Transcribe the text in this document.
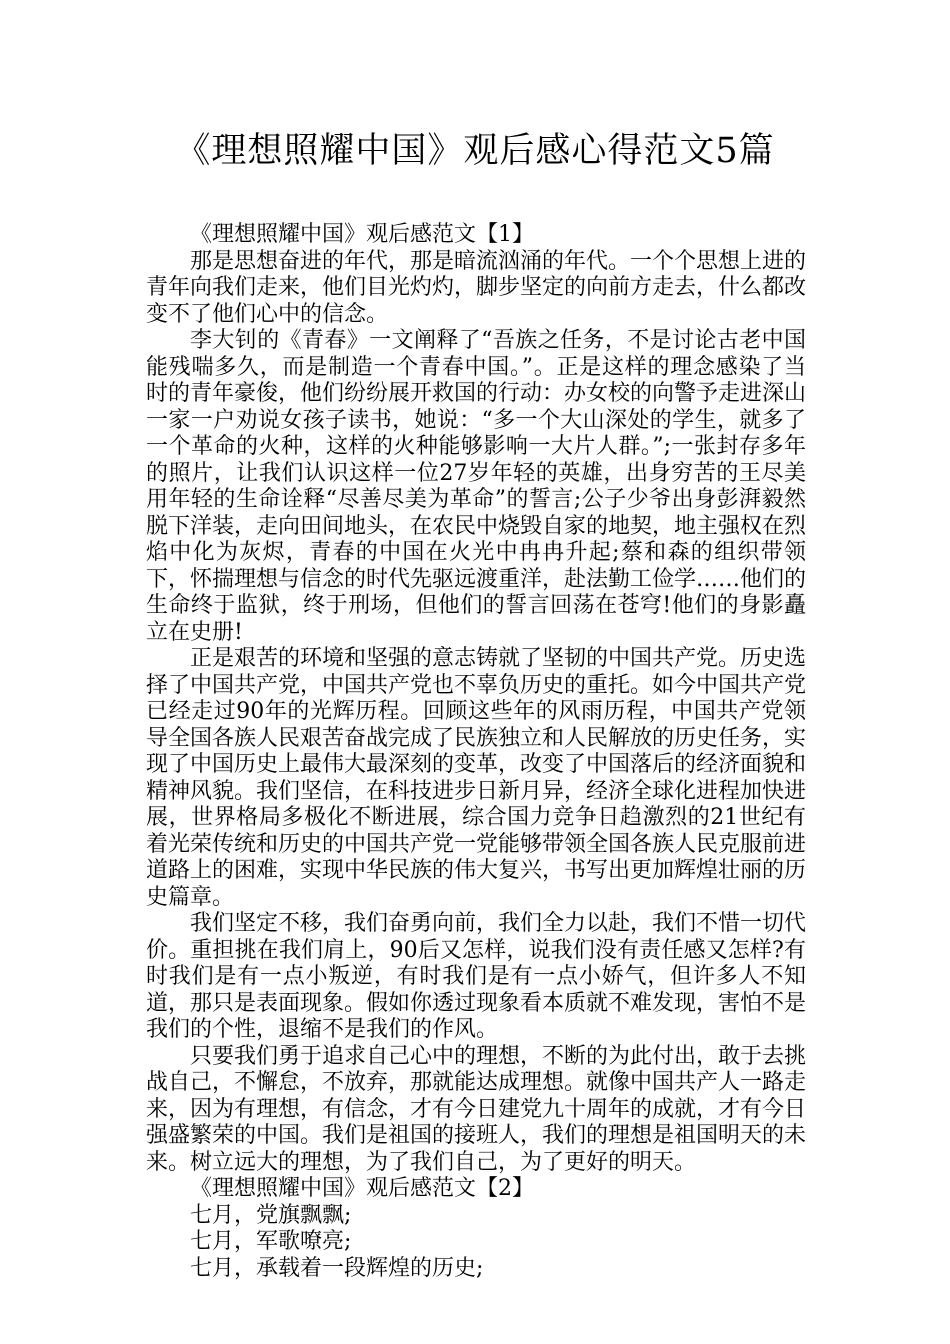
《理想照耀中国》观后感心得范文5篇

《理想照耀中国》观后感范文【1】

那是思想奋进的年代，那是暗流汹涌的年代。一个个思想上进的青年向我们走来，他们目光灼灼，脚步坚定的向前方走去，什么都改变不了他们心中的信念。

李大钊的《青春》一文阐释了“吾族之任务，不是讨论古老中国能残喘多久，而是制造一个青春中国。”。正是这样的理念感染了当时的青年豪俊，他们纷纷展开救国的行动：办女校的向警予走进深山一家一户劝说女孩子读书，她说：“多一个大山深处的学生，就多了一个革命的火种，这样的火种能够影响一大片人群。”;一张封存多年的照片，让我们认识这样一位27岁年轻的英雄，出身穷苦的王尽美用年轻的生命诠释“尽善尽美为革命”的誓言;公子少爷出身彭湃毅然脱下洋装，走向田间地头，在农民中烧毁自家的地契，地主强权在烈焰中化为灰烬，青春的中国在火光中冉冉升起;蔡和森的组织带领下，怀揣理想与信念的时代先驱远渡重洋，赴法勤工俭学……他们的生命终于监狱，终于刑场，但他们的誓言回荡在苍穹!他们的身影矗立在史册!

正是艰苦的环境和坚强的意志铸就了坚韧的中国共产党。历史选择了中国共产党，中国共产党也不辜负历史的重托。如今中国共产党已经走过90年的光辉历程。回顾这些年的风雨历程，中国共产党领导全国各族人民艰苦奋战完成了民族独立和人民解放的历史任务，实现了中国历史上最伟大最深刻的变革，改变了中国落后的经济面貌和精神风貌。我们坚信，在科技进步日新月异，经济全球化进程加快进展，世界格局多极化不断进展，综合国力竞争日趋激烈的21世纪有着光荣传统和历史的中国共产党一党能够带领全国各族人民克服前进道路上的困难，实现中华民族的伟大复兴，书写出更加辉煌壮丽的历史篇章。

我们坚定不移，我们奋勇向前，我们全力以赴，我们不惜一切代价。重担挑在我们肩上，90后又怎样，说我们没有责任感又怎样?有时我们是有一点小叛逆，有时我们是有一点小娇气，但许多人不知道，那只是表面现象。假如你透过现象看本质就不难发现，害怕不是我们的个性，退缩不是我们的作风。

只要我们勇于追求自己心中的理想，不断的为此付出，敢于去挑战自己，不懈怠，不放弃，那就能达成理想。就像中国共产人一路走来，因为有理想，有信念，才有今日建党九十周年的成就，才有今日强盛繁荣的中国。我们是祖国的接班人，我们的理想是祖国明天的未来。树立远大的理想，为了我们自己，为了更好的明天。

《理想照耀中国》观后感范文【2】

七月，党旗飘飘;

七月，军歌嘹亮;

七月，承载着一段辉煌的历史;
